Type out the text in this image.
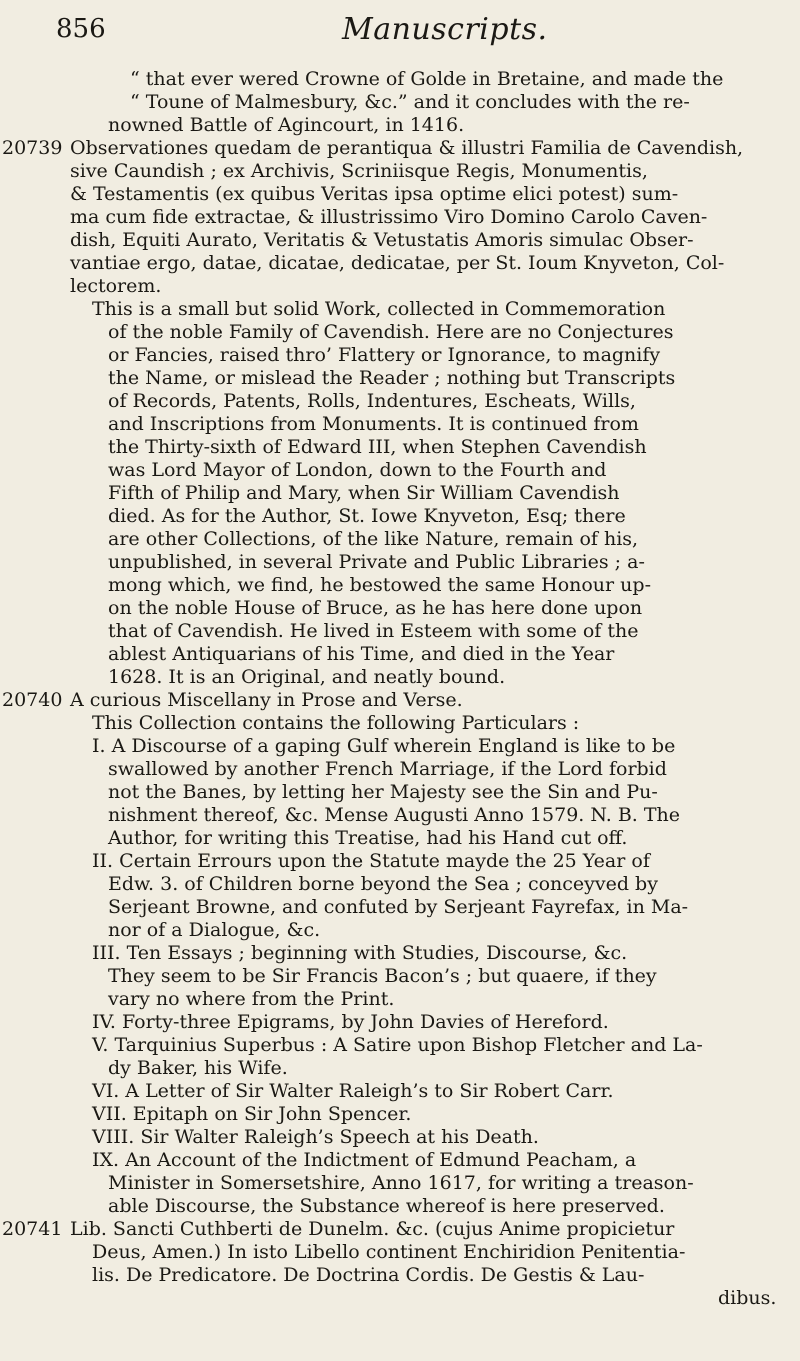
856	Manuscripts.
“ that ever wered Crowne of Golde in Bretaine, and made the
“ Toune of Malmesbury, &c.” and it concludes with the re-
nowned Battle of Agincourt, in 1416.
20739 Observationes quedam de perantiqua & illustri Familia de Cavendish,
sive Caundish ; ex Archivis, Scriniisque Regis, Monumentis,
& Testamentis (ex quibus Veritas ipsa optime elici potest) sum-
ma cum fide extractae, & illustrissimo Viro Domino Carolo Caven-
dish, Equiti Aurato, Veritatis & Vetustatis Amoris simulac Obser-
vantiae ergo, datae, dicatae, dedicatae, per St. Ioum Knyveton, Col-
lectorem.
This is a small but solid Work, collected in Commemoration
of the noble Family of Cavendish. Here are no Conjectures
or Fancies, raised thro’ Flattery or Ignorance, to magnify
the Name, or mislead the Reader ; nothing but Transcripts
of Records, Patents, Rolls, Indentures, Escheats, Wills,
and Inscriptions from Monuments. It is continued from
the Thirty-sixth of Edward III, when Stephen Cavendish
was Lord Mayor of London, down to the Fourth and
Fifth of Philip and Mary, when Sir William Cavendish
died. As for the Author, St. Iowe Knyveton, Esq; there
are other Collections, of the like Nature, remain of his,
unpublished, in several Private and Public Libraries ; a-
mong which, we find, he bestowed the same Honour up-
on the noble House of Bruce, as he has here done upon
that of Cavendish. He lived in Esteem with some of the
ablest Antiquarians of his Time, and died in the Year
1628. It is an Original, and neatly bound.
20740 A curious Miscellany in Prose and Verse.
This Collection contains the following Particulars :
I. A Discourse of a gaping Gulf wherein England is like to be
swallowed by another French Marriage, if the Lord forbid
not the Banes, by letting her Majesty see the Sin and Pu-
nishment thereof, &c. Mense Augusti Anno 1579. N. B. The
Author, for writing this Treatise, had his Hand cut off.
II. Certain Errours upon the Statute mayde the 25 Year of
Edw. 3. of Children borne beyond the Sea ; conceyved by
Serjeant Browne, and confuted by Serjeant Fayrefax, in Ma-
nor of a Dialogue, &c.
III. Ten Essays ; beginning with Studies, Discourse, &c.
They seem to be Sir Francis Bacon’s ; but quaere, if they
vary no where from the Print.
IV. Forty-three Epigrams, by John Davies of Hereford.
V. Tarquinius Superbus : A Satire upon Bishop Fletcher and La-
dy Baker, his Wife.
VI. A Letter of Sir Walter Raleigh’s to Sir Robert Carr.
VII. Epitaph on Sir John Spencer.
VIII. Sir Walter Raleigh’s Speech at his Death.
IX. An Account of the Indictment of Edmund Peacham, a
Minister in Somersetshire, Anno 1617, for writing a treason-
able Discourse, the Substance whereof is here preserved.
20741 Lib. Sancti Cuthberti de Dunelm. &c. (cujus Anime propicietur
Deus, Amen.) In isto Libello continent Enchiridion Penitentia-
lis. De Predicatore. De Doctrina Cordis. De Gestis & Lau-
dibus.
